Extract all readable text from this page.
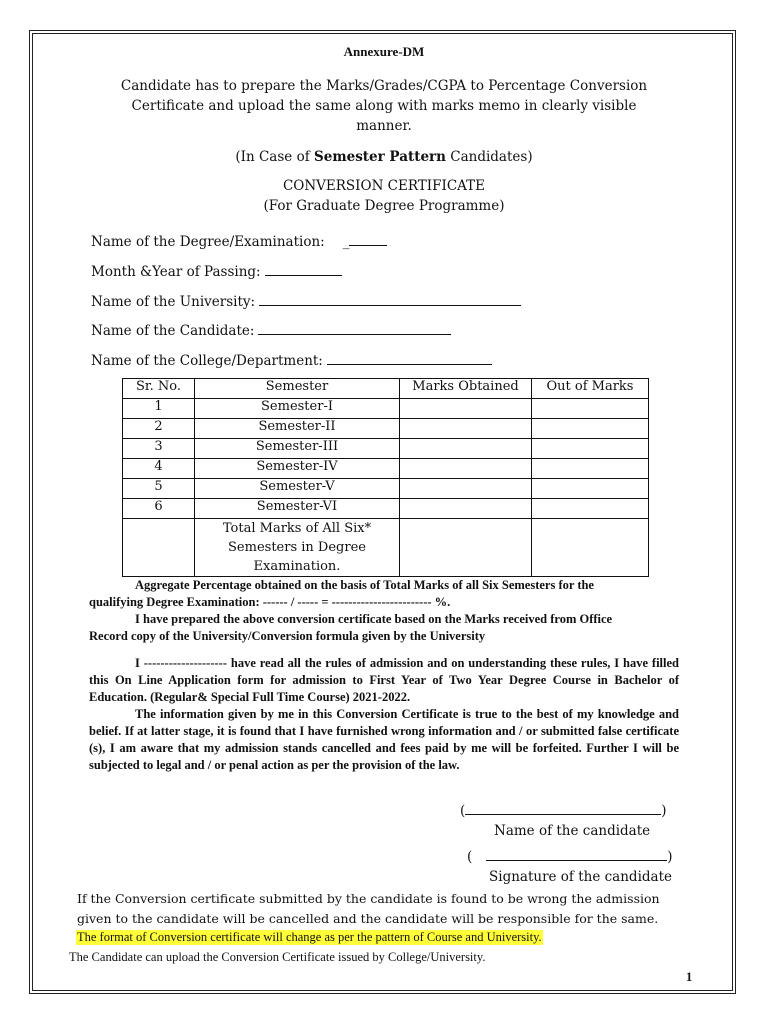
Annexure-DM
Candidate has to prepare the Marks/Grades/CGPA to Percentage Conversion Certificate and upload the same along with marks memo in clearly visible manner.
(In Case of Semester Pattern Candidates)
CONVERSION CERTIFICATE
(For Graduate Degree Programme)
Name of the Degree/Examination: _
Month &Year of Passing:
Name of the University:
Name of the Candidate:
Name of the College/Department:
Sr. No.	Semester	Marks Obtained	Out of Marks
1	Semester-I		
2	Semester-II		
3	Semester-III		
4	Semester-IV		
5	Semester-V		
6	Semester-VI		

	Total Marks of All Six*
Semesters in Degree
Examination.		

Aggregate Percentage obtained on the basis of Total Marks of all Six Semesters for the qualifying Degree Examination: ------ / ----- = ------------------------ %.
I have prepared the above conversion certificate based on the Marks received from Office Record copy of the University/Conversion formula given by the University
I -------------------- have read all the rules of admission and on understanding these rules, I have filled this On Line Application form for admission to First Year of Two Year Degree Course in Bachelor of Education. (Regular& Special Full Time Course) 2021-2022.
The information given by me in this Conversion Certificate is true to the best of my knowledge and belief. If at latter stage, it is found that I have furnished wrong information and / or submitted false certificate (s), I am aware that my admission stands cancelled and fees paid by me will be forfeited. Further I will be subjected to legal and / or penal action as per the provision of the law.
(	)
Name of the candidate
(	)
Signature of the candidate
If the Conversion certificate submitted by the candidate is found to be wrong the admission given to the candidate will be cancelled and the candidate will be responsible for the same.
The format of Conversion certificate will change as per the pattern of Course and University.
The Candidate can upload the Conversion Certificate issued by College/University.
1
